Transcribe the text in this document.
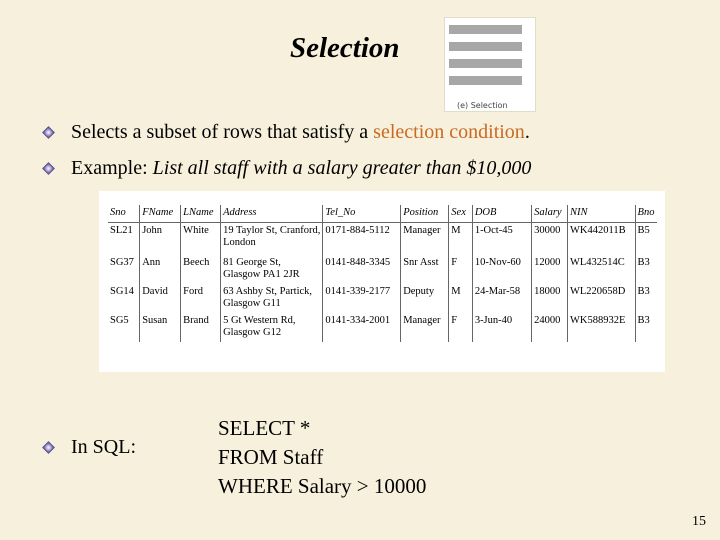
Selection
(e) Selection
Selects a subset of rows that satisfy a selection condition.
Example: List all staff with a salary greater than $10,000
Sno	FName	LName	Address	Tel_No	Position	Sex	DOB	Salary	NIN	Bno
SL21	John	White	19 Taylor St, Cranford, London	0171-884-5112	Manager	M	1-Oct-45	30000	WK442011B	B5
SG37	Ann	Beech	81 George St, Glasgow PA1 2JR	0141-848-3345	Snr Asst	F	10-Nov-60	12000	WL432514C	B3
SG14	David	Ford	63 Ashby St, Partick, Glasgow G11	0141-339-2177	Deputy	M	24-Mar-58	18000	WL220658D	B3
SG5	Susan	Brand	5 Gt Western Rd, Glasgow G12	0141-334-2001	Manager	F	3-Jun-40	24000	WK588932E	B3
In SQL:
SELECT *
FROM Staff
WHERE Salary > 10000
15
